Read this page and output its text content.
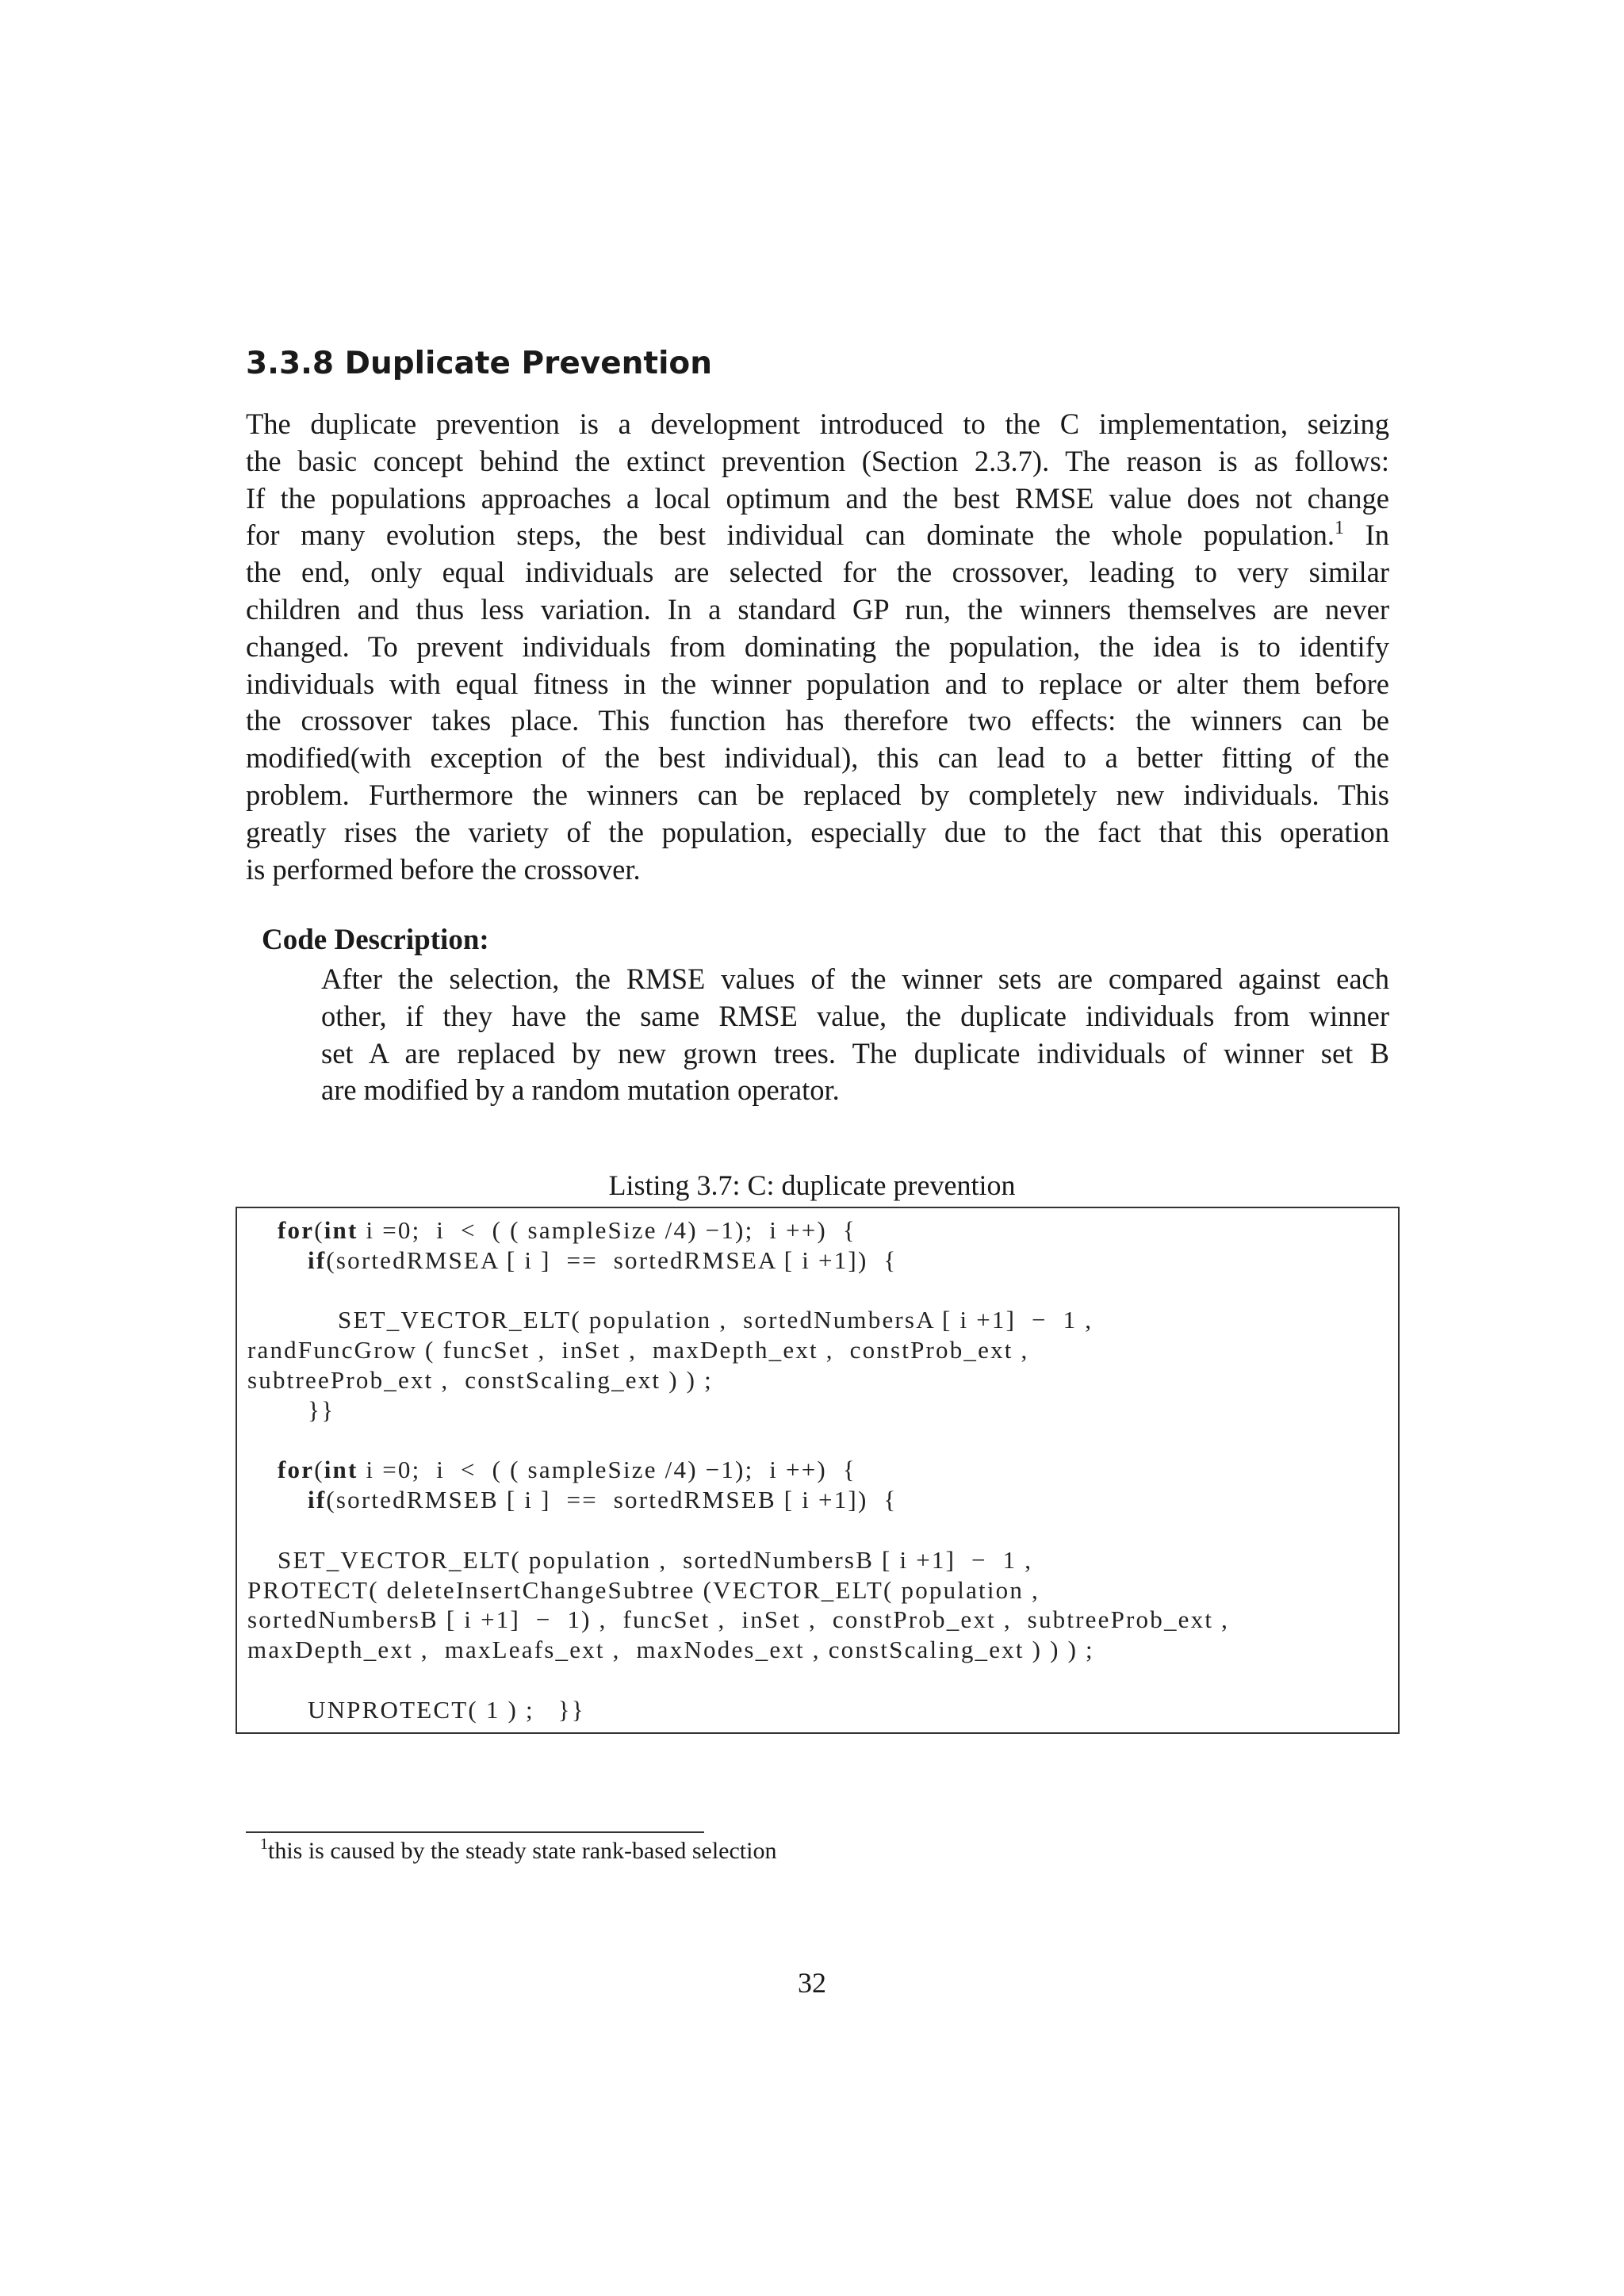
3.3.8 Duplicate Prevention
The duplicate prevention is a development introduced to the C implementation, seizing
the basic concept behind the extinct prevention (Section 2.3.7). The reason is as follows:
If the populations approaches a local optimum and the best RMSE value does not change
for many evolution steps, the best individual can dominate the whole population.$^1$ In
the end, only equal individuals are selected for the crossover, leading to very similar
children and thus less variation. In a standard GP run, the winners themselves are never
changed. To prevent individuals from dominating the population, the idea is to identify
individuals with equal fitness in the winner population and to replace or alter them before
the crossover takes place. This function has therefore two effects: the winners can be
modified(with exception of the best individual), this can lead to a better fitting of the
problem. Furthermore the winners can be replaced by completely new individuals. This
greatly rises the variety of the population, especially due to the fact that this operation
is performed before the crossover.
Code Description:
After the selection, the RMSE values of the winner sets are compared against each
other, if they have the same RMSE value, the duplicate individuals from winner
set A are replaced by new grown trees. The duplicate individuals of winner set B
are modified by a random mutation operator.
Listing 3.7: C: duplicate prevention
for(int i =0;  i  <  ( ( sampleSize /4) −1);  i ++)  {
if(sortedRMSEA [ i ]  ==  sortedRMSEA [ i +1])  {
SET_VECTOR_ELT( population ,  sortedNumbersA [ i +1]  −  1 ,
randFuncGrow ( funcSet ,  inSet ,  maxDepth_ext ,  constProb_ext ,
subtreeProb_ext ,  constScaling_ext ) ) ;
}}
for(int i =0;  i  <  ( ( sampleSize /4) −1);  i ++)  {
if(sortedRMSEB [ i ]  ==  sortedRMSEB [ i +1])  {
SET_VECTOR_ELT( population ,  sortedNumbersB [ i +1]  −  1 ,
PROTECT( deleteInsertChangeSubtree (VECTOR_ELT( population ,
sortedNumbersB [ i +1]  −  1) ,  funcSet ,  inSet ,  constProb_ext ,  subtreeProb_ext ,
maxDepth_ext ,  maxLeafs_ext ,  maxNodes_ext , constScaling_ext ) ) ) ;
UNPROTECT( 1 ) ;   }}
$^1$this is caused by the steady state rank-based selection
32
